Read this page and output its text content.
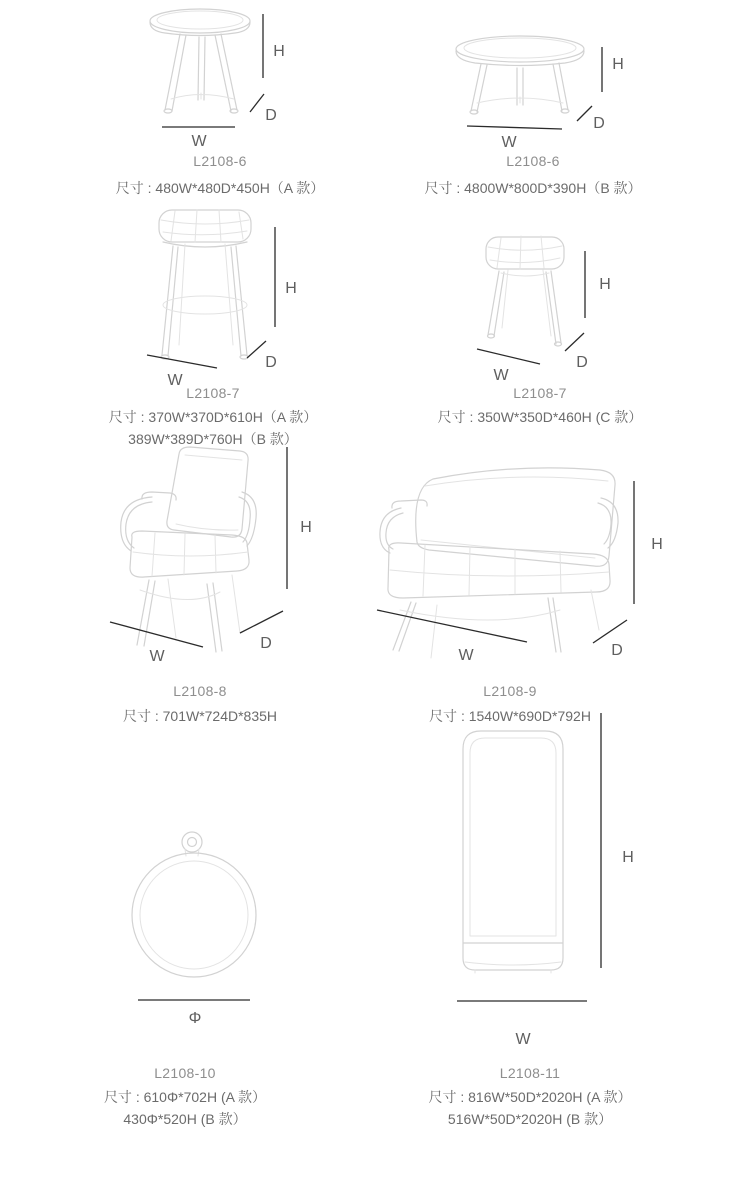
H
D
W
L2108-6
尺寸 : 480W*480D*450H（A 款）
H
D
W
L2108-6
尺寸 : 4800W*800D*390H（B 款）
H
D
W
L2108-7
尺寸 : 370W*370D*610H（A 款）
389W*389D*760H（B 款）
H
D
W
L2108-7
尺寸 : 350W*350D*460H (C 款）
H
D
W
L2108-8
尺寸 : 701W*724D*835H
H
D
W
L2108-9
尺寸 : 1540W*690D*792H
Φ
L2108-10
尺寸 : 610Φ*702H (A 款）
430Φ*520H (B 款）
H
W
L2108-11
尺寸 : 816W*50D*2020H (A 款）
516W*50D*2020H (B 款）
